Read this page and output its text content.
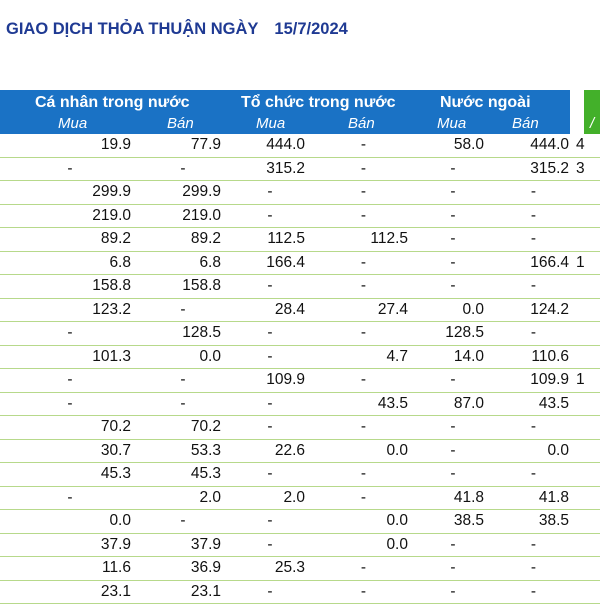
GIAO DỊCH THỎA THUẬN NGÀY 15/7/2024
Cá nhân trong nước	Tổ chức trong nước	Nước ngoài
Mua	Bán	Mua	Bán	Mua	Bán	/
19.9	77.9	444.0	-	58.0	444.0	4
-	-	315.2	-	-	315.2	3
299.9	299.9	-	-	-	-	
219.0	219.0	-	-	-	-	
89.2	89.2	112.5	112.5	-	-	
6.8	6.8	166.4	-	-	166.4	1
158.8	158.8	-	-	-	-	
123.2	-	28.4	27.4	0.0	124.2	
-	128.5	-	-	128.5	-	
101.3	0.0	-	4.7	14.0	110.6	
-	-	109.9	-	-	109.9	1
-	-	-	43.5	87.0	43.5	
70.2	70.2	-	-	-	-	
30.7	53.3	22.6	0.0	-	0.0	
45.3	45.3	-	-	-	-	
-	2.0	2.0	-	41.8	41.8	
0.0	-	-	0.0	38.5	38.5	
37.9	37.9	-	0.0	-	-	
11.6	36.9	25.3	-	-	-	
23.1	23.1	-	-	-	-	
